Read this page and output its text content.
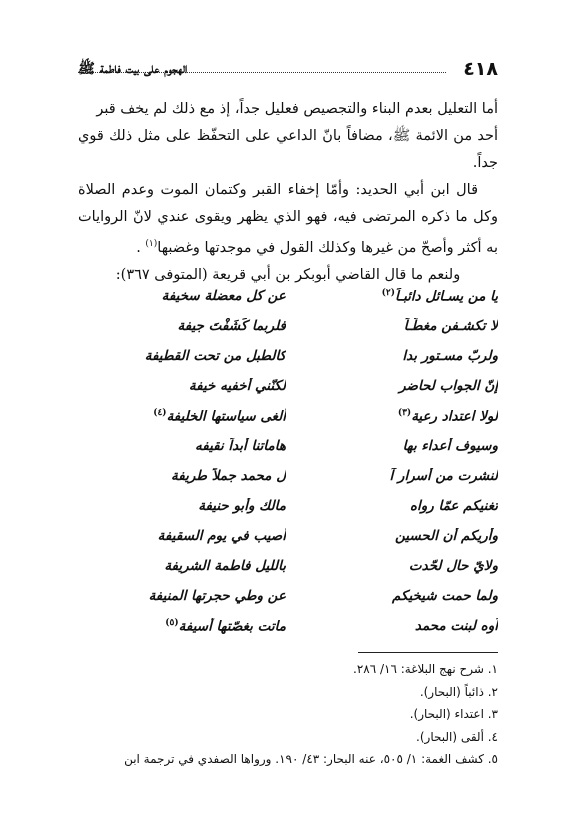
٤١٨
الهجوم على بيت فاطمة ﷺ

أما التعليل بعدم البناء والتجصيص فعليل جداً، إذ مع ذلك لم يخف قبر

أحد من الائمة ﷺ، مضافاً بانّ الداعي على التحفّظ على مثل ذلك قوي جداً.

قال ابن أبي الحديد: وأمّا إخفاء القبر وكتمان الموت وعدم الصلاة وكل ما ذكره المرتضى فيه، فهو الذي يظهر ويقوى عندي لانّ الروايات به أكثر وأصحّ من غيرها وكذلك القول في موجدتها وغضبها$^{(١)}$ .

ولنعم ما قال القاضي أبوبكر بن أبي قريعة (المتوفى ٣٦٧):

يا من يسـائل دائبـاً$^{(٢)}$
عن كل معضلة سخيفة
لا تكشـفن مغطّـاً
فلربما كَشَفْتَ جيفة
ولربّ مسـتور بدا
كالطبل من تحت القطيفة
إنّ الجواب لحاضر
لكنّني أخفيه خيفة
لولا اعتداد رعية$^{(٣)}$
ألغى سياستها الخليفة$^{(٤)}$
وسيوف أعداء بها
هاماتنا أبداً نقيفه
لنشرت من أسرار آ
ل محمد جملاً طريفة
تغنيكم عمّا رواه
مالك وأبو حنيفة
وأريكم أن الحسين
أصيب في يوم السقيفة
ولايّ حال لحّدت
بالليل فاطمة الشريفة
ولما حمت شيخيكم
عن وطي حجرتها المنيفة
آوه لبنت محمد
ماتت بغصّتها أسيفة$^{(٥)}$
١. شرح نهج البلاغة: ١٦/ ٢٨٦.
٢. ذائباً (البحار).
٣. اعتداء (البحار).
٤. ألقى (البحار).
٥. كشف الغمة: ١/ ٥٠٥، عنه البحار: ٤٣/ ١٩٠. ورواها الصفدي في ترجمة ابن
